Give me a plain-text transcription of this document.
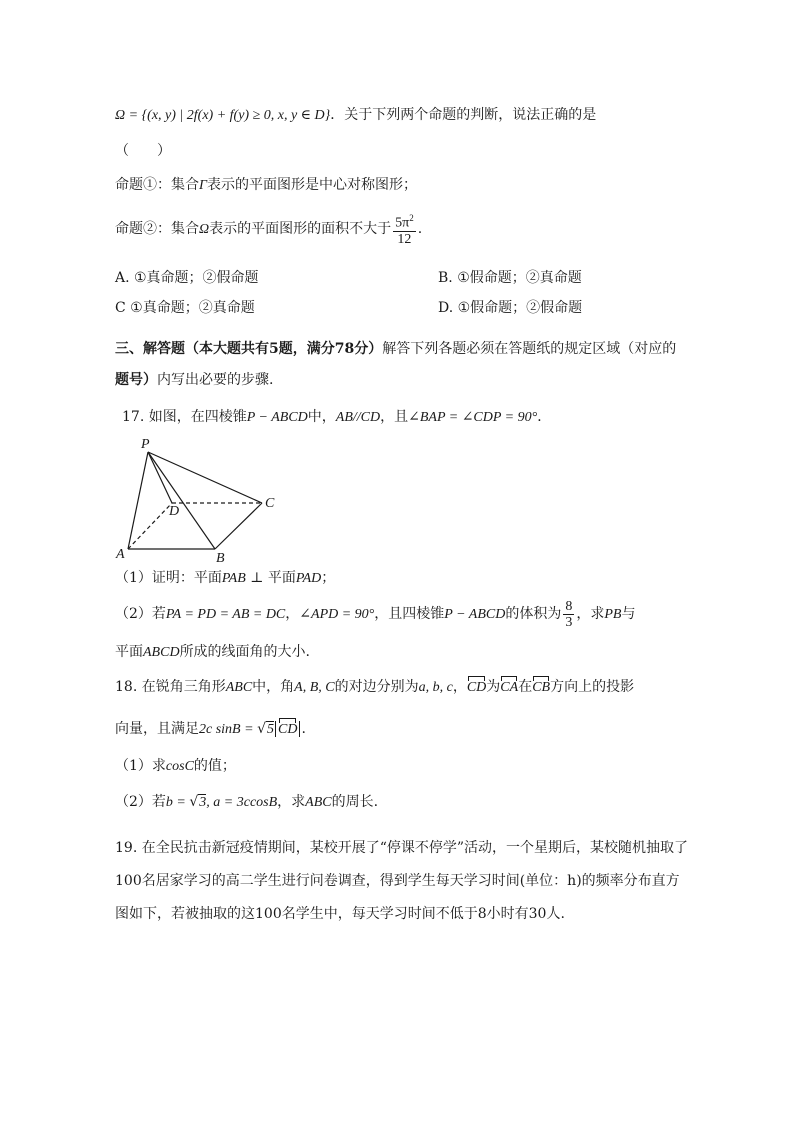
Ω = {(x, y) | 2f(x) + f(y) ≥ 0, x, y ∈ D}．关于下列两个命题的判断，说法正确的是
（　　）
命题①：集合Γ表示的平面图形是中心对称图形；
命题②：集合Ω表示的平面图形的面积不大于 $\frac{5\pi^2}{12}$ .
A. ①真命题；②假命题	B. ①假命题；②真命题
C ①真命题；②真命题	D. ①假命题；②假命题
三、解答题（本大题共有5题，满分78分）解答下列各题必须在答题纸的规定区域（对应的
题号）内写出必要的步骤.
17. 如图，在四棱锥P − ABCD中，AB//CD，且∠BAP = ∠CDP = 90°．
P
D
C
A	B
（1）证明：平面PAB ⊥ 平面PAD；
（2）若PA = PD = AB = DC，∠APD = 90°，且四棱锥P − ABCD的体积为 $\frac{8}{3}$ ，求PB与
平面ABCD所成的线面角的大小.
18. 在锐角三角形ABC中，角A, B, C的对边分别为a, b, c，CD为CA在CB方向上的投影
向量，且满足2c sinB = √5 CD .
（1）求cosC的值；
（2）若b = √3, a = 3ccosB，求ABC的周长.
19. 在全民抗击新冠疫情期间，某校开展了“停课不停学”活动，一个星期后，某校随机抽取了
100名居家学习的高二学生进行问卷调查，得到学生每天学习时间(单位：h)的频率分布直方
图如下，若被抽取的这100名学生中，每天学习时间不低于8小时有30人.
